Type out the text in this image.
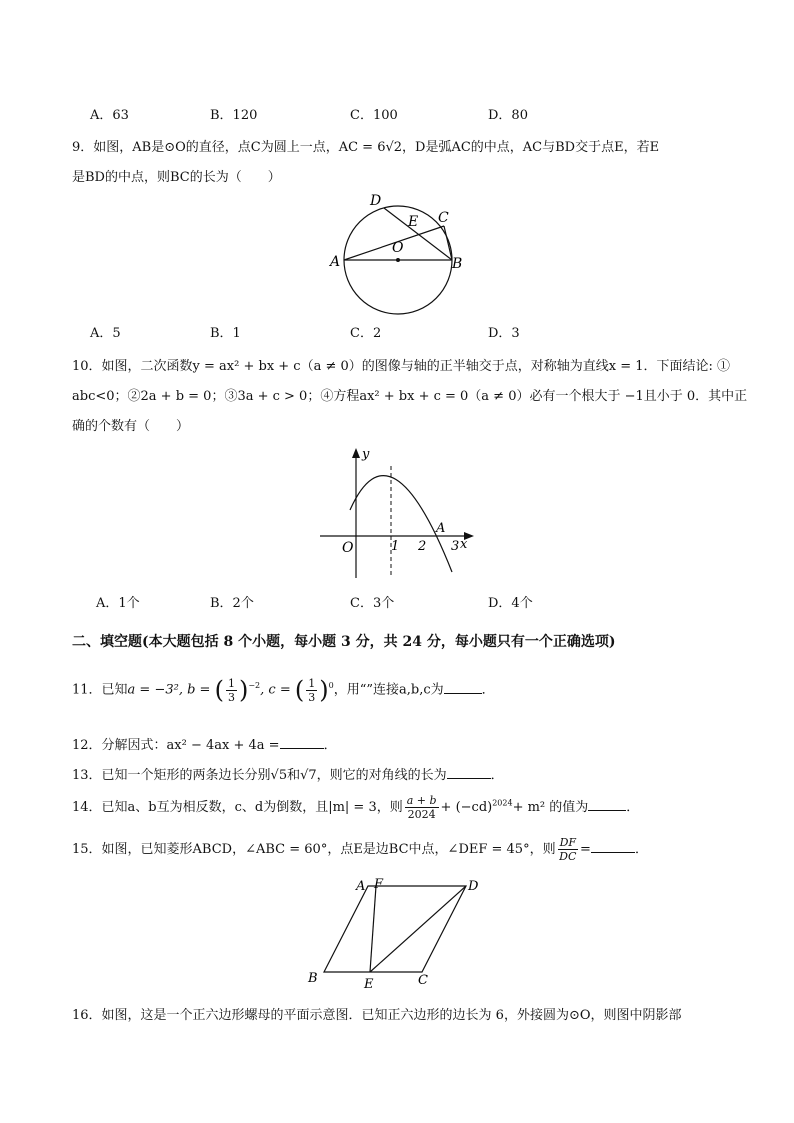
A．63	B．120	C．100	D．80
9．如图，AB是⊙O的直径，点C为圆上一点，AC = 6√2，D是弧AC的中点，AC与BD交于点E，若E
是BD的中点，则BC的长为（　　）
D
E C
O
A	B
A．5	B．1	C．2	D．3
10．如图，二次函数y = ax² + bx + c（a ≠ 0）的图像与轴的正半轴交于点，对称轴为直线x = 1．下面结论: ①
abc<0；②2a + b = 0；③3a + c > 0；④方程ax² + bx + c = 0（a ≠ 0）必有一个根大于 −1且小于 0．其中正
确的个数有（　　）
y
O	1 2
A
3 x
A．1个	B．2个	C．3个	D．4个
二、填空题(本大题包括 8 个小题，每小题 3 分，共 24 分，每小题只有一个正确选项)
11．已知a = −3², b = ( $\frac{1}{3} )^{-2}$, c = ( $\frac{1}{3} )^0$，用“”连接a,b,c为	．
12．分解因式：ax² − 4ax + 4a =	．
13．已知一个矩形的两条边长分别√5和√7，则它的对角线的长为	．
14．已知a、b互为相反数，c、d为倒数，且|m| = 3，则 $\frac{a + b}{2024} + (-cd)^{2024}+ m^2$ 的值为	．
15．如图，已知菱形ABCD，∠ABC = 60°，点E是边BC中点，∠DEF = 45°，则 $\frac{DF}{DC}$ =	．
A F	D
B	E	C
16．如图，这是一个正六边形螺母的平面示意图．已知正六边形的边长为 6，外接圆为⊙O，则图中阴影部
